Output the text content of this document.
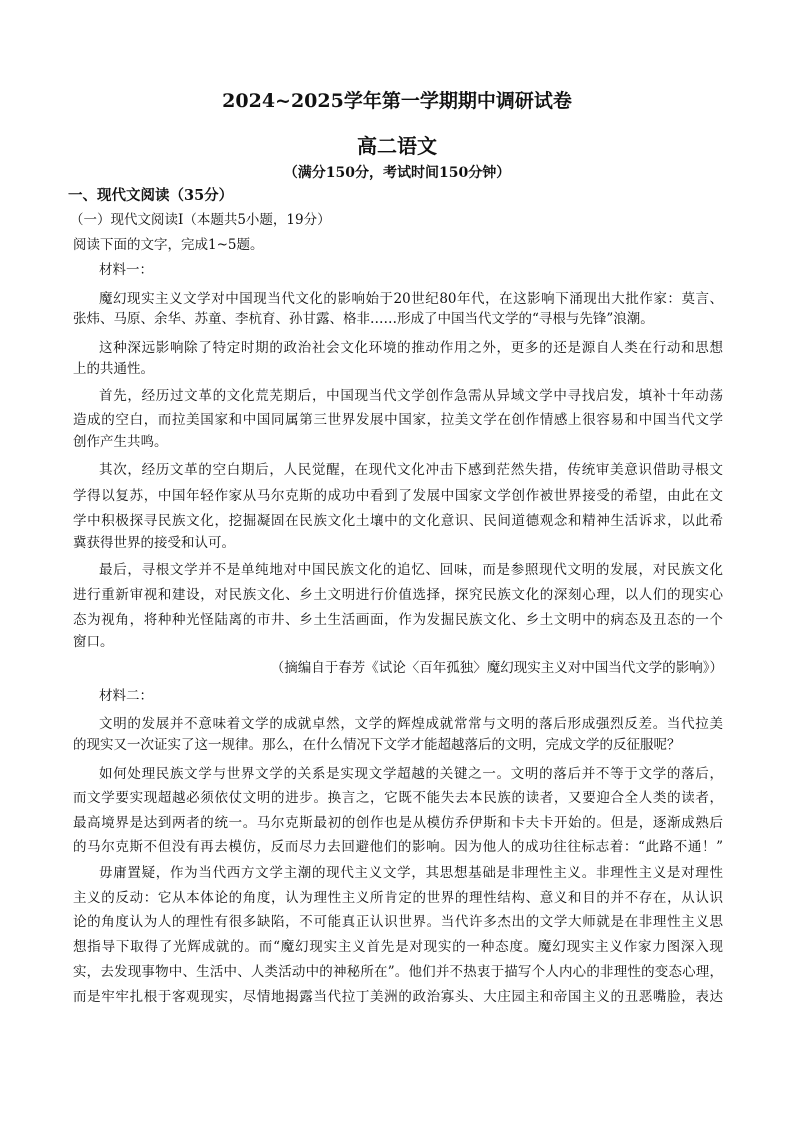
2024~2025学年第一学期期中调研试卷
高二语文
（满分150分，考试时间150分钟）
一、现代文阅读（35分）
（一）现代文阅读I（本题共5小题，19分）
阅读下面的文字，完成1~5题。
材料一：
魔幻现实主义文学对中国现当代文化的影响始于20世纪80年代，在这影响下涌现出大批作家：莫言、
张炜、马原、余华、苏童、李杭育、孙甘露、格非……形成了中国当代文学的“寻根与先锋”浪潮。
这种深远影响除了特定时期的政治社会文化环境的推动作用之外，更多的还是源自人类在行动和思想
上的共通性。
首先，经历过文革的文化荒芜期后，中国现当代文学创作急需从异域文学中寻找启发，填补十年动荡
造成的空白，而拉美国家和中国同属第三世界发展中国家，拉美文学在创作情感上很容易和中国当代文学
创作产生共鸣。
其次，经历文革的空白期后，人民觉醒，在现代文化冲击下感到茫然失措，传统审美意识借助寻根文
学得以复苏，中国年轻作家从马尔克斯的成功中看到了发展中国家文学创作被世界接受的希望，由此在文
学中积极探寻民族文化，挖掘凝固在民族文化土壤中的文化意识、民间道德观念和精神生活诉求，以此希
冀获得世界的接受和认可。
最后，寻根文学并不是单纯地对中国民族文化的追忆、回味，而是参照现代文明的发展，对民族文化
进行重新审视和建设，对民族文化、乡土文明进行价值选择，探究民族文化的深刻心理，以人们的现实心
态为视角，将种种光怪陆离的市井、乡土生活画面，作为发掘民族文化、乡土文明中的病态及丑态的一个
窗口。
（摘编自于春芳《试论〈百年孤独〉魔幻现实主义对中国当代文学的影响》）
材料二：
文明的发展并不意味着文学的成就卓然，文学的辉煌成就常常与文明的落后形成强烈反差。当代拉美
的现实又一次证实了这一规律。那么，在什么情况下文学才能超越落后的文明，完成文学的反征服呢？
如何处理民族文学与世界文学的关系是实现文学超越的关键之一。文明的落后并不等于文学的落后，
而文学要实现超越必须依仗文明的进步。换言之，它既不能失去本民族的读者，又要迎合全人类的读者，
最高境界是达到两者的统一。马尔克斯最初的创作也是从模仿乔伊斯和卡夫卡开始的。但是，逐渐成熟后
的马尔克斯不但没有再去模仿，反而尽力去回避他们的影响。因为他人的成功往往标志着：“此路不通！”
毋庸置疑，作为当代西方文学主潮的现代主义文学，其思想基础是非理性主义。非理性主义是对理性
主义的反动：它从本体论的角度，认为理性主义所肯定的世界的理性结构、意义和目的并不存在，从认识
论的角度认为人的理性有很多缺陷，不可能真正认识世界。当代许多杰出的文学大师就是在非理性主义思
想指导下取得了光辉成就的。而“魔幻现实主义首先是对现实的一种态度。魔幻现实主义作家力图深入现
实，去发现事物中、生活中、人类活动中的神秘所在”。他们并不热衷于描写个人内心的非理性的变态心理，
而是牢牢扎根于客观现实，尽情地揭露当代拉丁美洲的政治寡头、大庄园主和帝国主义的丑恶嘴脸，表达
